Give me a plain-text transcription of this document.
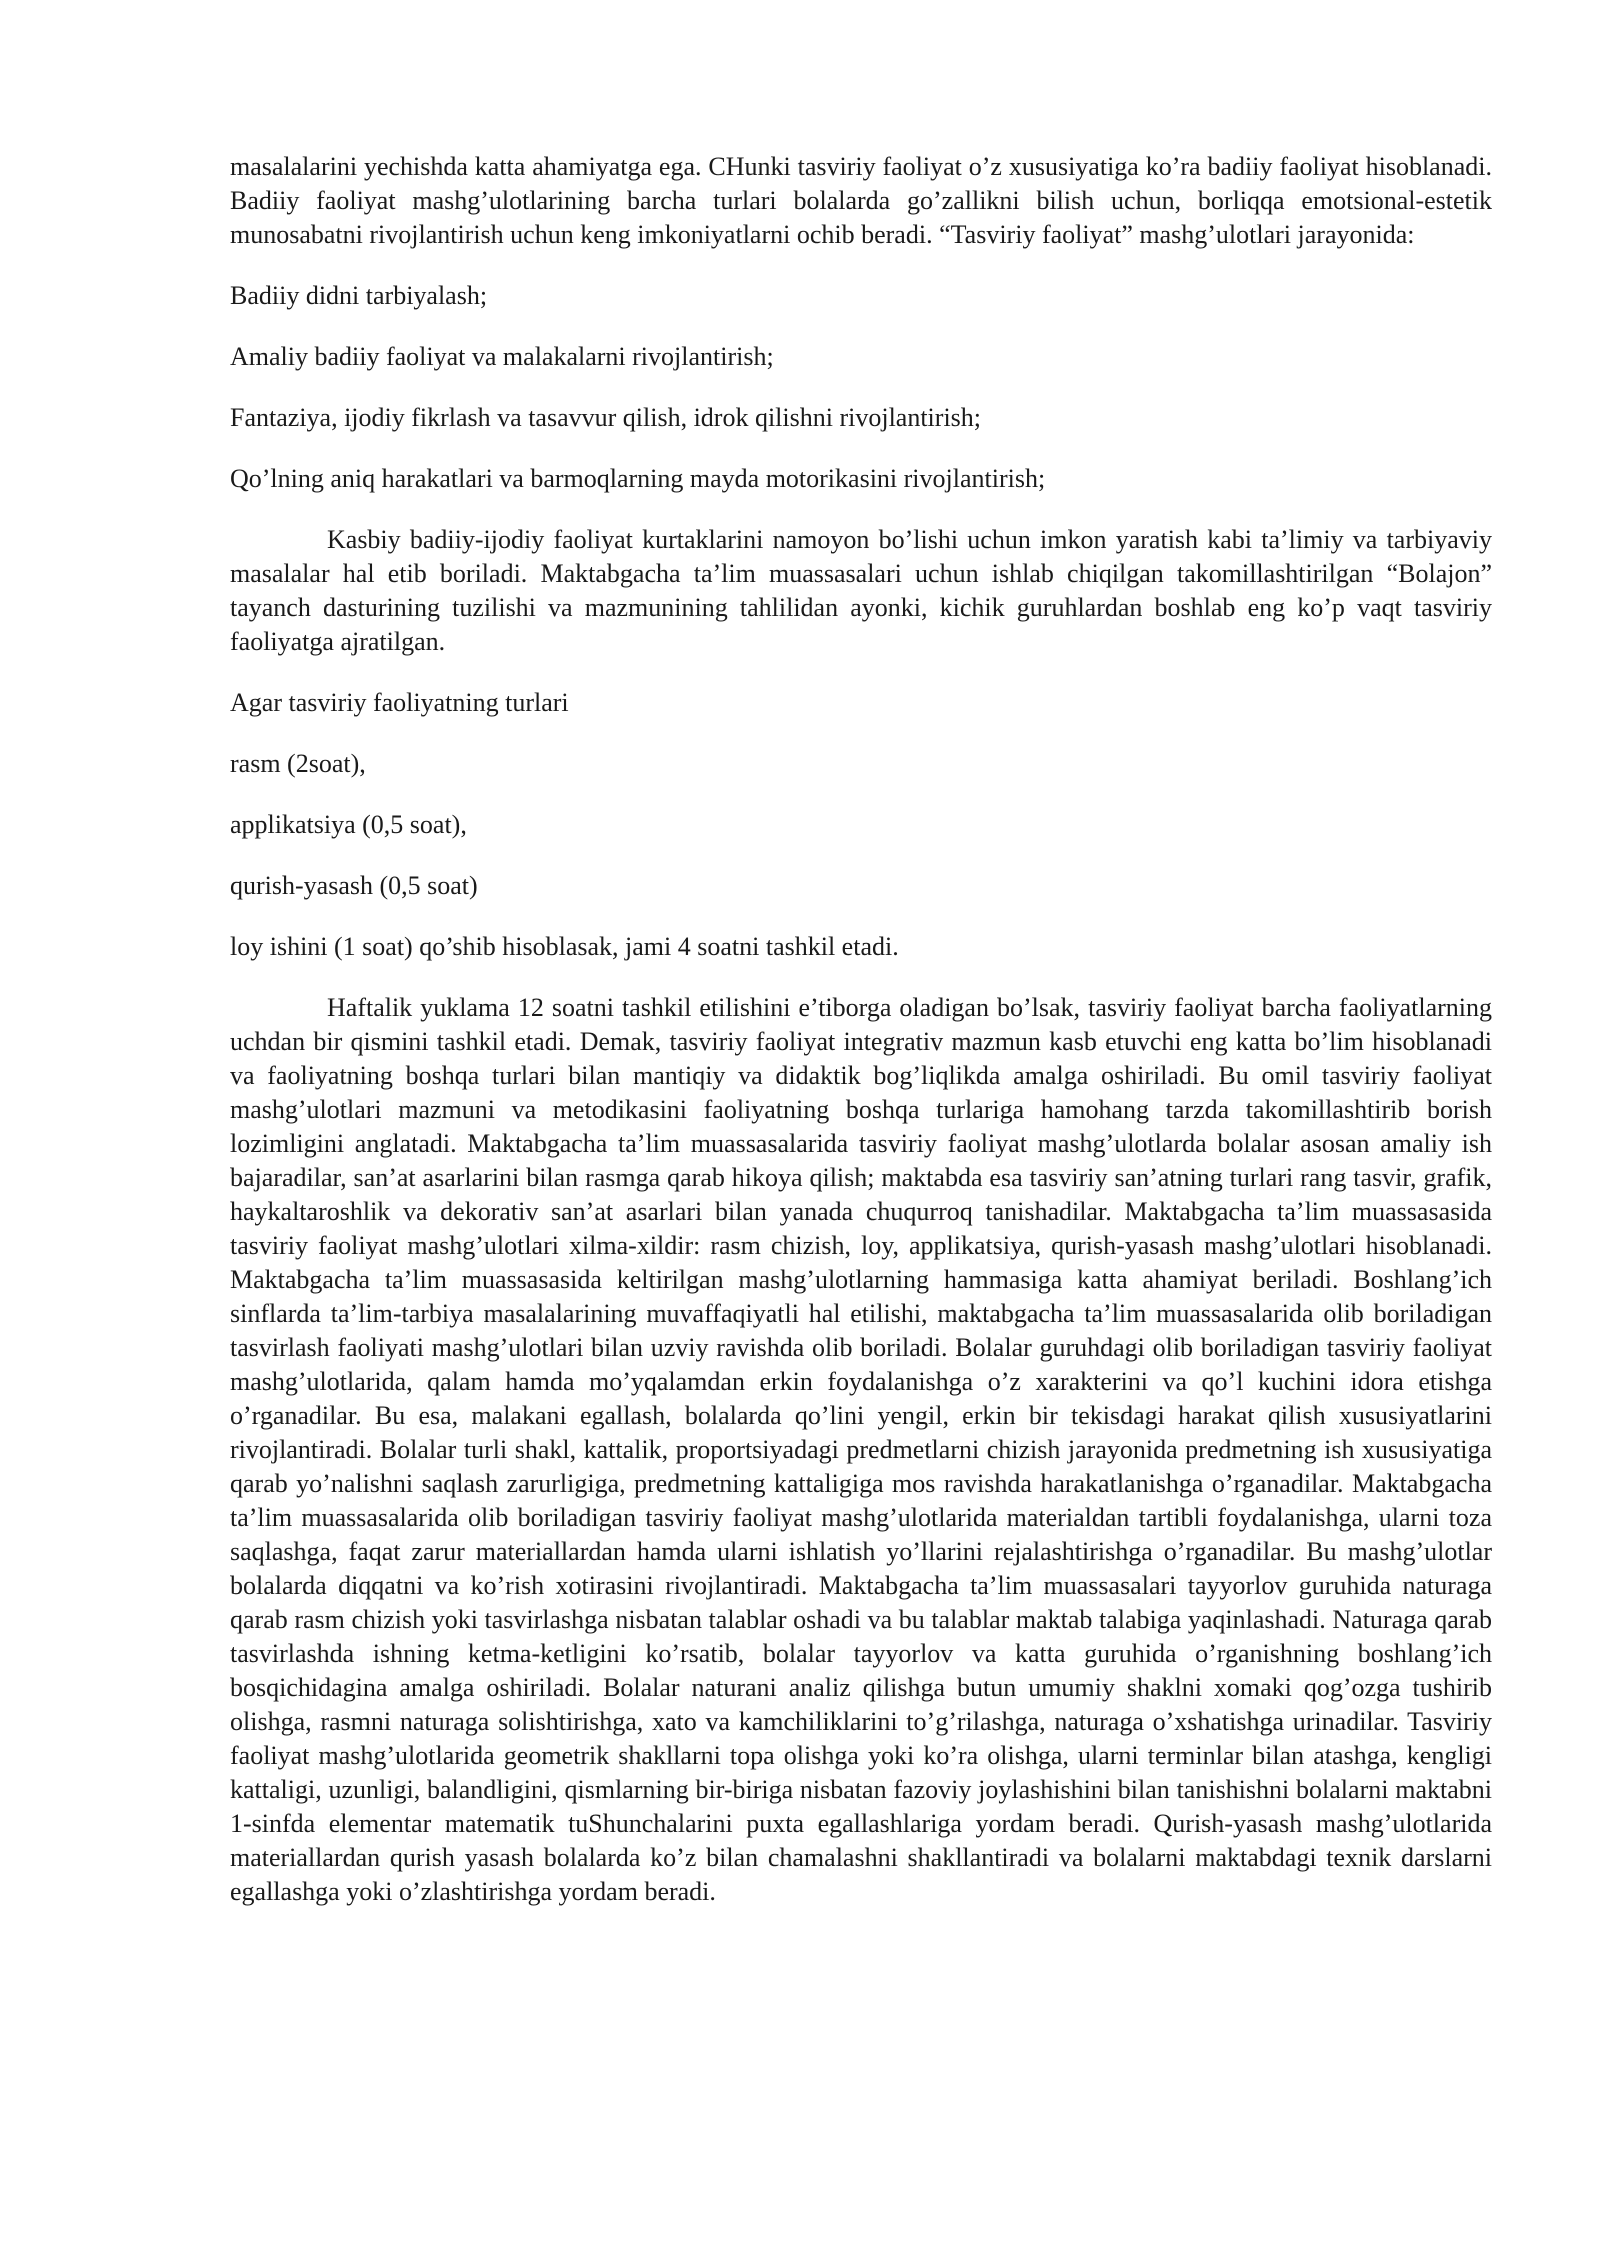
masalalarini yechishda katta ahamiyatga ega. CHunki tasviriy faoliyat o’z xususiyatiga ko’ra badiiy faoliyat hisoblanadi. Badiiy faoliyat mashg’ulotlarining barcha turlari bolalarda go’zallikni bilish uchun, borliqqa emotsional-estetik munosabatni rivojlantirish uchun keng imkoniyatlarni ochib beradi. “Tasviriy faoliyat” mashg’ulotlari jarayonida:

Badiiy didni tarbiyalash;

Amaliy badiiy faoliyat va malakalarni rivojlantirish;

Fantaziya, ijodiy fikrlash va tasavvur qilish, idrok qilishni rivojlantirish;

Qo’lning aniq harakatlari va barmoqlarning mayda motorikasini rivojlantirish;

Kasbiy badiiy-ijodiy faoliyat kurtaklarini namoyon bo’lishi uchun imkon yaratish kabi ta’limiy va tarbiyaviy masalalar hal etib boriladi. Maktabgacha ta’lim muassasalari uchun ishlab chiqilgan takomillashtirilgan “Bolajon” tayanch dasturining tuzilishi va mazmunining tahlilidan ayonki, kichik guruhlardan boshlab eng ko’p vaqt tasviriy faoliyatga ajratilgan.

Agar tasviriy faoliyatning turlari

rasm (2soat),

applikatsiya (0,5 soat),

qurish-yasash (0,5 soat)

loy ishini (1 soat) qo’shib hisoblasak, jami 4 soatni tashkil etadi.

Haftalik yuklama 12 soatni tashkil etilishini e’tiborga oladigan bo’lsak, tasviriy faoliyat barcha faoliyatlarning uchdan bir qismini tashkil etadi. Demak, tasviriy faoliyat integrativ mazmun kasb etuvchi eng katta bo’lim hisoblanadi va faoliyatning boshqa turlari bilan mantiqiy va didaktik bog’liqlikda amalga oshiriladi. Bu omil tasviriy faoliyat mashg’ulotlari mazmuni va metodikasini faoliyatning boshqa turlariga hamohang tarzda takomillashtirib borish lozimligini anglatadi. Maktabgacha ta’lim muassasalarida tasviriy faoliyat mashg’ulotlarda bolalar asosan amaliy ish bajaradilar, san’at asarlarini bilan rasmga qarab hikoya qilish; maktabda esa tasviriy san’atning turlari rang tasvir, grafik, haykaltaroshlik va dekorativ san’at asarlari bilan yanada chuqurroq tanishadilar. Maktabgacha ta’lim muassasasida tasviriy faoliyat mashg’ulotlari xilma-xildir: rasm chizish, loy, applikatsiya, qurish-yasash mashg’ulotlari hisoblanadi. Maktabgacha ta’lim muassasasida keltirilgan mashg’ulotlarning hammasiga katta ahamiyat beriladi. Boshlang’ich sinflarda ta’lim-tarbiya masalalarining muvaffaqiyatli hal etilishi, maktabgacha ta’lim muassasalarida olib boriladigan tasvirlash faoliyati mashg’ulotlari bilan uzviy ravishda olib boriladi. Bolalar guruhdagi olib boriladigan tasviriy faoliyat mashg’ulotlarida, qalam hamda mo’yqalamdan erkin foydalanishga o’z xarakterini va qo’l kuchini idora etishga o’rganadilar. Bu esa, malakani egallash, bolalarda qo’lini yengil, erkin bir tekisdagi harakat qilish xususiyatlarini rivojlantiradi. Bolalar turli shakl, kattalik, proportsiyadagi predmetlarni chizish jarayonida predmetning ish xususiyatiga qarab yo’nalishni saqlash zarurligiga, predmetning kattaligiga mos ravishda harakatlanishga o’rganadilar. Maktabgacha ta’lim muassasalarida olib boriladigan tasviriy faoliyat mashg’ulotlarida materialdan tartibli foydalanishga, ularni toza saqlashga, faqat zarur materiallardan hamda ularni ishlatish yo’llarini rejalashtirishga o’rganadilar. Bu mashg’ulotlar bolalarda diqqatni va ko’rish xotirasini rivojlantiradi. Maktabgacha ta’lim muassasalari tayyorlov guruhida naturaga qarab rasm chizish yoki tasvirlashga nisbatan talablar oshadi va bu talablar maktab talabiga yaqinlashadi. Naturaga qarab tasvirlashda ishning ketma-ketligini ko’rsatib, bolalar tayyorlov va katta guruhida o’rganishning boshlang’ich bosqichidagina amalga oshiriladi. Bolalar naturani analiz qilishga butun umumiy shaklni xomaki qog’ozga tushirib olishga, rasmni naturaga solishtirishga, xato va kamchiliklarini to’g’rilashga, naturaga o’xshatishga urinadilar. Tasviriy faoliyat mashg’ulotlarida geometrik shakllarni topa olishga yoki ko’ra olishga, ularni terminlar bilan atashga, kengligi kattaligi, uzunligi, balandligini, qismlarning bir-biriga nisbatan fazoviy joylashishini bilan tanishishni bolalarni maktabni 1-sinfda elementar matematik tuShunchalarini puxta egallashlariga yordam beradi. Qurish-yasash mashg’ulotlarida materiallardan qurish yasash bolalarda ko’z bilan chamalashni shakllantiradi va bolalarni maktabdagi texnik darslarni egallashga yoki o’zlashtirishga yordam beradi.
